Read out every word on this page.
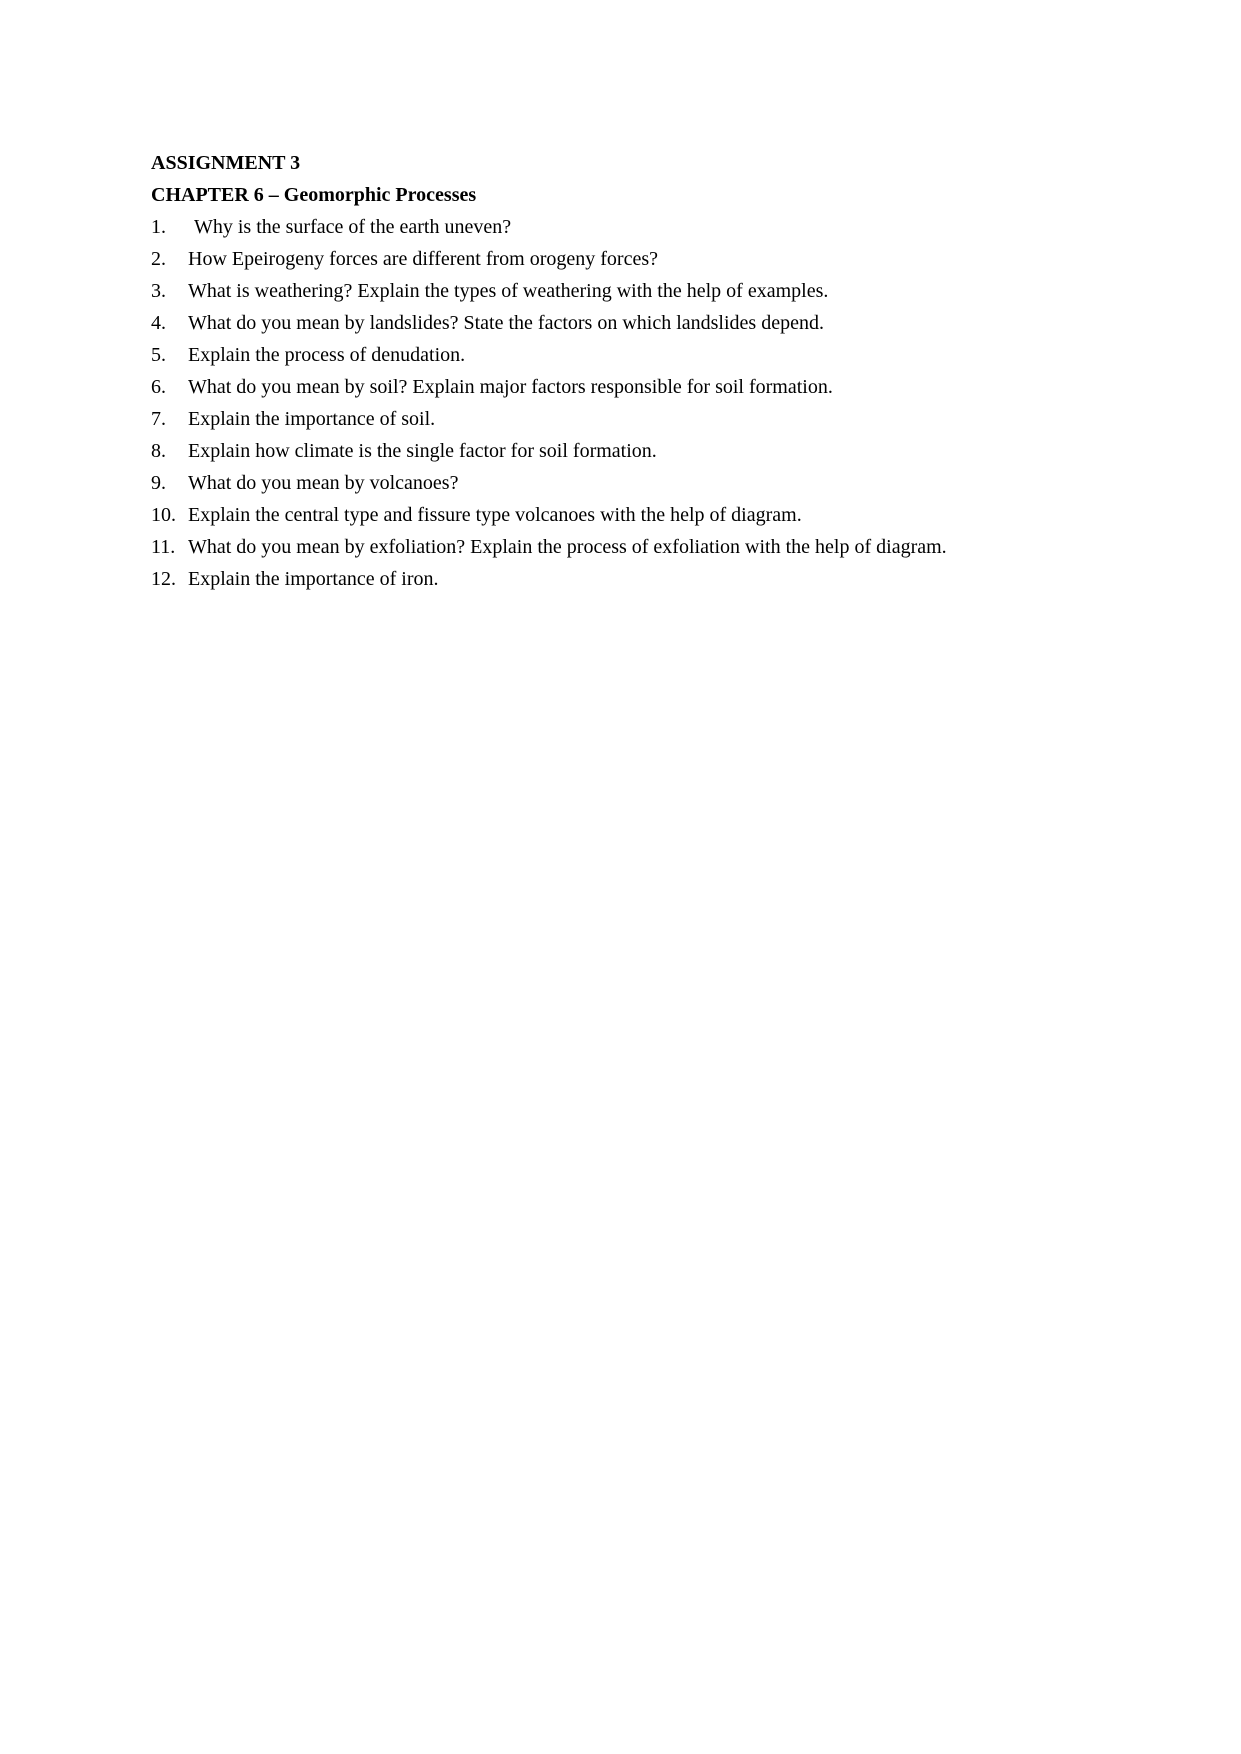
ASSIGNMENT 3
CHAPTER 6 – Geomorphic Processes
1. Why is the surface of the earth uneven?
2. How Epeirogeny forces are different from orogeny forces?
3. What is weathering? Explain the types of weathering with the help of examples.
4. What do you mean by landslides? State the factors on which landslides depend.
5. Explain the process of denudation.
6. What do you mean by soil? Explain major factors responsible for soil formation.
7. Explain the importance of soil.
8. Explain how climate is the single factor for soil formation.
9. What do you mean by volcanoes?
10. Explain the central type and fissure type volcanoes with the help of diagram.
11. What do you mean by exfoliation? Explain the process of exfoliation with the help of diagram.
12. Explain the importance of iron.
